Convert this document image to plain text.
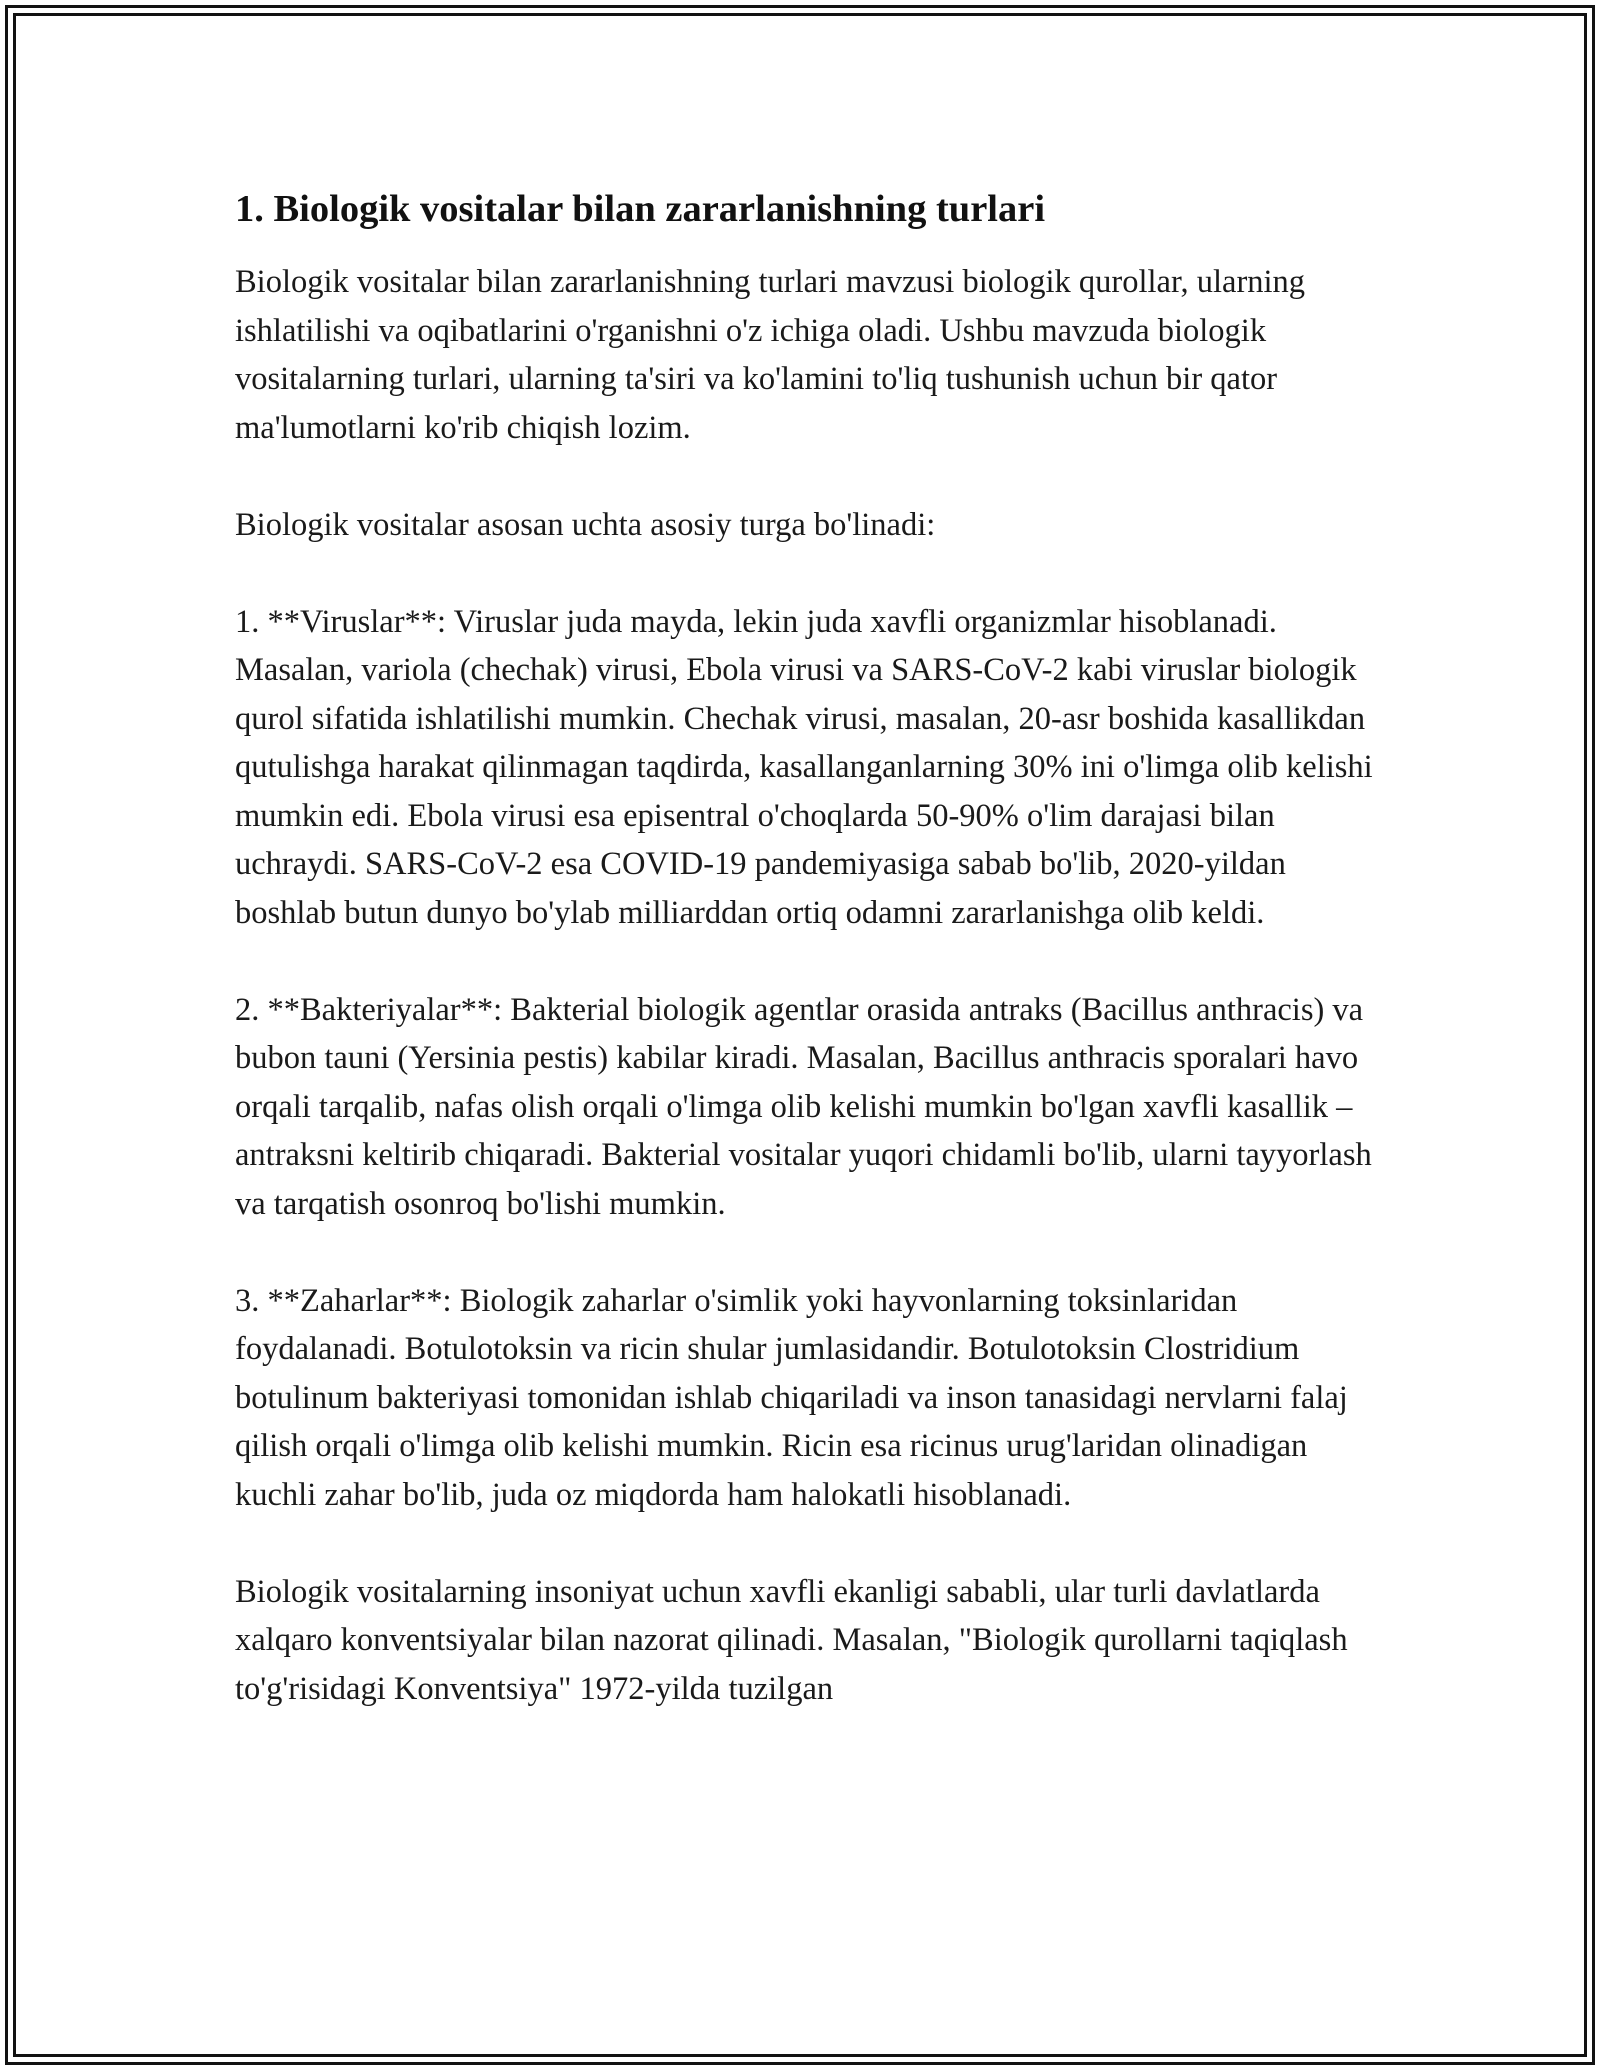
1. Biologik vositalar bilan zararlanishning turlari

Biologik vositalar bilan zararlanishning turlari mavzusi biologik qurollar, ularning ishlatilishi va oqibatlarini o'rganishni o'z ichiga oladi. Ushbu mavzuda biologik vositalarning turlari, ularning ta'siri va ko'lamini to'liq tushunish uchun bir qator ma'lumotlarni ko'rib chiqish lozim.

Biologik vositalar asosan uchta asosiy turga bo'linadi:

1. **Viruslar**: Viruslar juda mayda, lekin juda xavfli organizmlar hisoblanadi. Masalan, variola (chechak) virusi, Ebola virusi va SARS-CoV-2 kabi viruslar biologik qurol sifatida ishlatilishi mumkin. Chechak virusi, masalan, 20-asr boshida kasallikdan qutulishga harakat qilinmagan taqdirda, kasallanganlarning 30% ini o'limga olib kelishi mumkin edi. Ebola virusi esa episentral o'choqlarda 50-90% o'lim darajasi bilan uchraydi. SARS-CoV-2 esa COVID-19 pandemiyasiga sabab bo'lib, 2020-yildan boshlab butun dunyo bo'ylab milliarddan ortiq odamni zararlanishga olib keldi.

2. **Bakteriyalar**: Bakterial biologik agentlar orasida antraks (Bacillus anthracis) va bubon tauni (Yersinia pestis) kabilar kiradi. Masalan, Bacillus anthracis sporalari havo orqali tarqalib, nafas olish orqali o'limga olib kelishi mumkin bo'lgan xavfli kasallik – antraksni keltirib chiqaradi. Bakterial vositalar yuqori chidamli bo'lib, ularni tayyorlash va tarqatish osonroq bo'lishi mumkin.

3. **Zaharlar**: Biologik zaharlar o'simlik yoki hayvonlarning toksinlaridan foydalanadi. Botulotoksin va ricin shular jumlasidandir. Botulotoksin Clostridium botulinum bakteriyasi tomonidan ishlab chiqariladi va inson tanasidagi nervlarni falaj qilish orqali o'limga olib kelishi mumkin. Ricin esa ricinus urug'laridan olinadigan kuchli zahar bo'lib, juda oz miqdorda ham halokatli hisoblanadi.

Biologik vositalarning insoniyat uchun xavfli ekanligi sababli, ular turli davlatlarda xalqaro konventsiyalar bilan nazorat qilinadi. Masalan, "Biologik qurollarni taqiqlash to'g'risidagi Konventsiya" 1972-yilda tuzilgan
